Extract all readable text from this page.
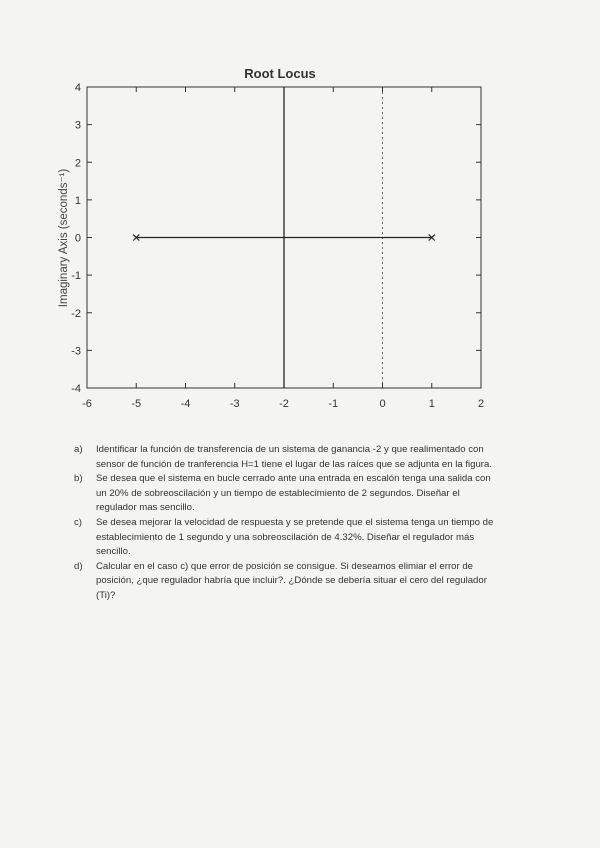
Root Locus
Imaginary Axis (seconds⁻¹)
-6	-5	-4	-3	-2	-1	0	1	2
-4
-3
-2
-1
0
1
2
3
4
a)	Identificar la función de transferencia de un sistema de ganancia -2 y que realimentado con sensor de función de tranferencia H=1 tiene el lugar de las raíces que se adjunta en la figura.
b)	Se desea que el sistema en bucle cerrado ante una entrada en escalón tenga una salida con un 20% de sobreoscilación y un tiempo de establecimiento de 2 segundos. Diseñar el regulador mas sencillo.
c)	Se desea mejorar la velocidad de respuesta y se pretende que el sistema tenga un tiempo de establecimiento de 1 segundo y una sobreoscilación de 4.32%. Diseñar el regulador más sencillo.
d)	Calcular en el caso c) que error de posición se consigue. Si deseamos elimiar el error de posición, ¿que regulador habría que incluir?. ¿Dónde se debería situar el cero del regulador (Ti)?
